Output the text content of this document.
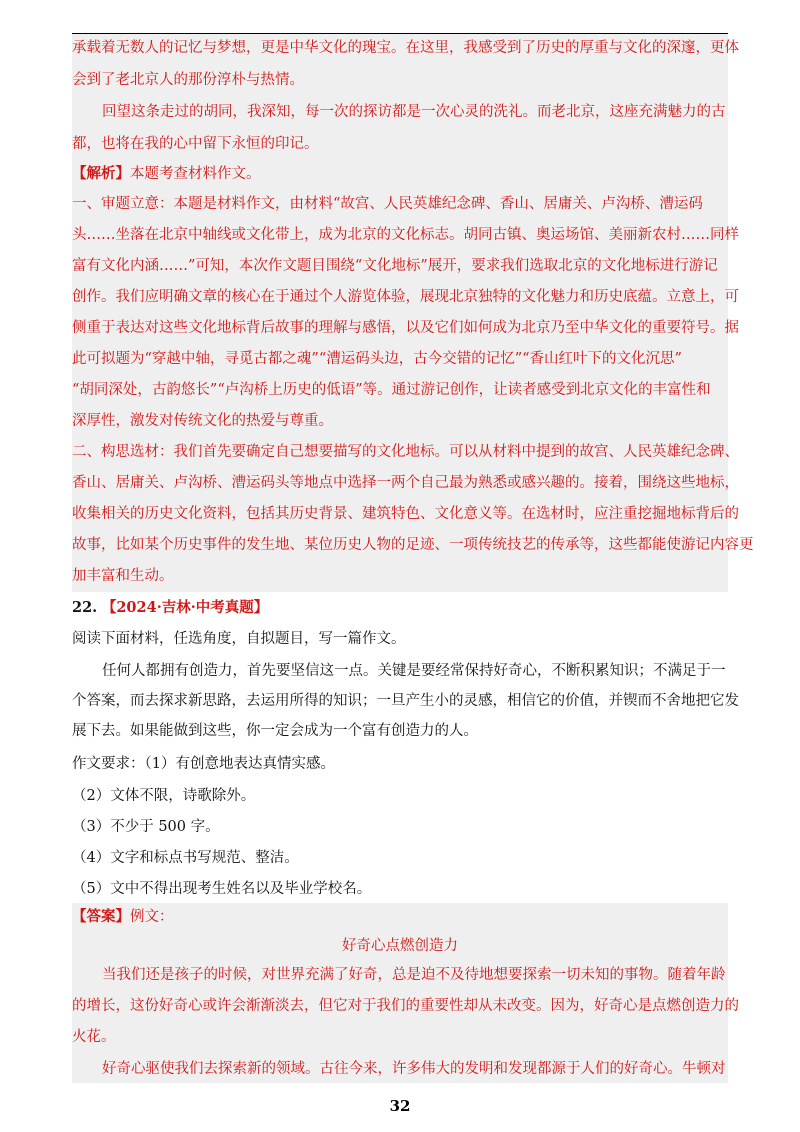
承载着无数人的记忆与梦想，更是中华文化的瑰宝。在这里，我感受到了历史的厚重与文化的深邃，更体
会到了老北京人的那份淳朴与热情。
回望这条走过的胡同，我深知，每一次的探访都是一次心灵的洗礼。而老北京，这座充满魅力的古
都，也将在我的心中留下永恒的印记。
【解析】本题考查材料作文。
一、审题立意：本题是材料作文，由材料“故宫、人民英雄纪念碑、香山、居庸关、卢沟桥、漕运码
头……坐落在北京中轴线或文化带上，成为北京的文化标志。胡同古镇、奥运场馆、美丽新农村……同样
富有文化内涵……”可知，本次作文题目围绕“文化地标”展开，要求我们选取北京的文化地标进行游记
创作。我们应明确文章的核心在于通过个人游览体验，展现北京独特的文化魅力和历史底蕴。立意上，可
侧重于表达对这些文化地标背后故事的理解与感悟，以及它们如何成为北京乃至中华文化的重要符号。据
此可拟题为“穿越中轴，寻觅古都之魂”“漕运码头边，古今交错的记忆”“香山红叶下的文化沉思”
“胡同深处，古韵悠长”“卢沟桥上历史的低语”等。通过游记创作，让读者感受到北京文化的丰富性和
深厚性，激发对传统文化的热爱与尊重。
二、构思选材：我们首先要确定自己想要描写的文化地标。可以从材料中提到的故宫、人民英雄纪念碑、
香山、居庸关、卢沟桥、漕运码头等地点中选择一两个自己最为熟悉或感兴趣的。接着，围绕这些地标，
收集相关的历史文化资料，包括其历史背景、建筑特色、文化意义等。在选材时，应注重挖掘地标背后的
故事，比如某个历史事件的发生地、某位历史人物的足迹、一项传统技艺的传承等，这些都能使游记内容更
加丰富和生动。
22. 【2024·吉林·中考真题】
阅读下面材料，任选角度，自拟题目，写一篇作文。
任何人都拥有创造力，首先要坚信这一点。关键是要经常保持好奇心，不断积累知识；不满足于一
个答案，而去探求新思路，去运用所得的知识；一旦产生小的灵感，相信它的价值，并锲而不舍地把它发
展下去。如果能做到这些，你一定会成为一个富有创造力的人。
作文要求：（1）有创意地表达真情实感。
（2）文体不限，诗歌除外。
（3）不少于 500 字。
（4）文字和标点书写规范、整洁。
（5）文中不得出现考生姓名以及毕业学校名。
【答案】例文：
好奇心点燃创造力
当我们还是孩子的时候，对世界充满了好奇，总是迫不及待地想要探索一切未知的事物。随着年龄
的增长，这份好奇心或许会渐渐淡去，但它对于我们的重要性却从未改变。因为，好奇心是点燃创造力的
火花。
好奇心驱使我们去探索新的领域。古往今来，许多伟大的发明和发现都源于人们的好奇心。牛顿对
32
